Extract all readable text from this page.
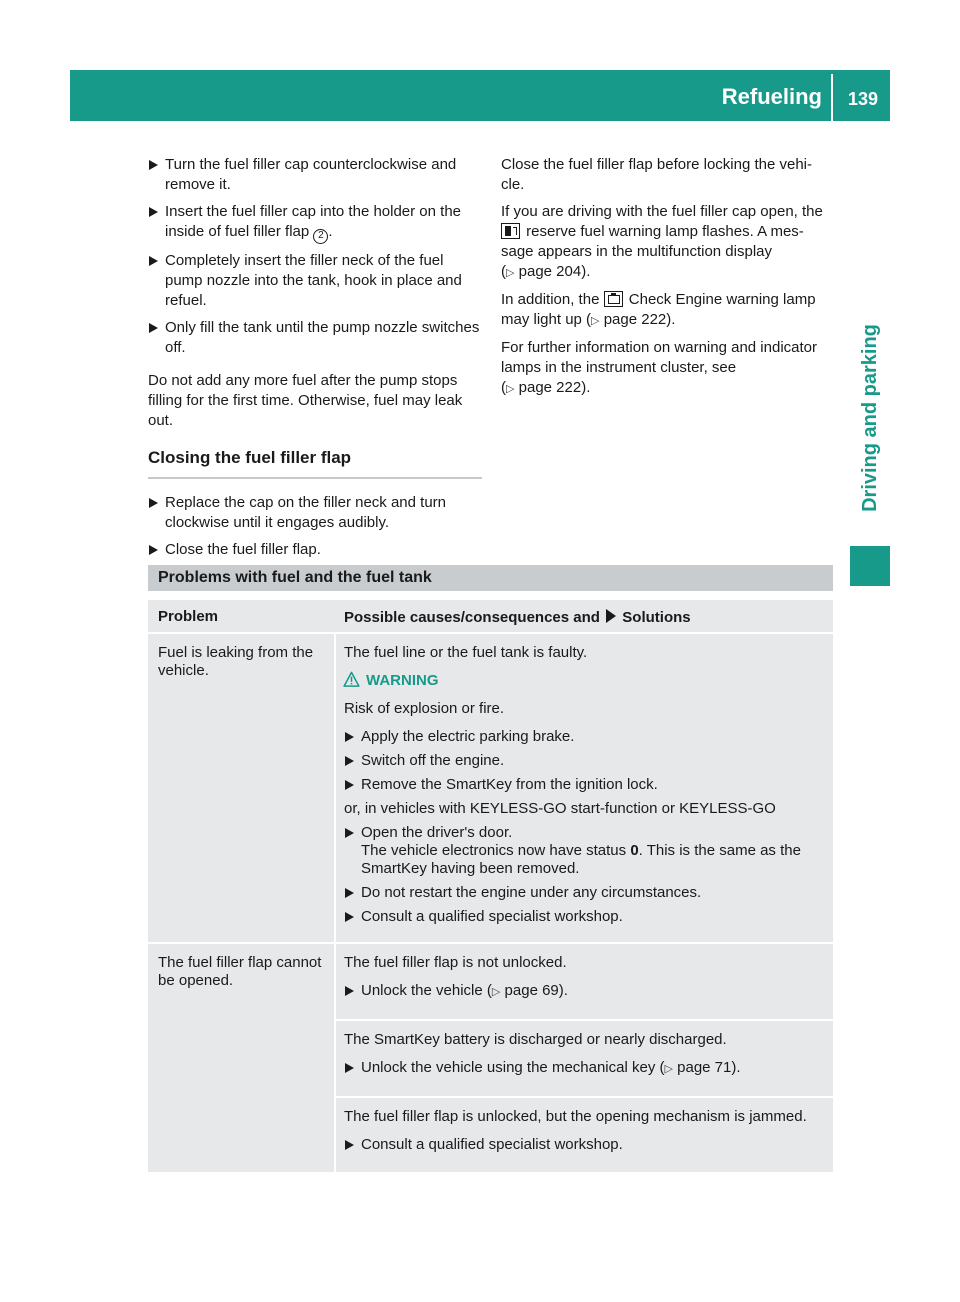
Refueling 139
Driving and parking
Turn the fuel filler cap counterclockwise and remove it.
Insert the fuel filler cap into the holder on the inside of fuel filler flap 2 .
Completely insert the filler neck of the fuel pump nozzle into the tank, hook in place and refuel.
Only fill the tank until the pump nozzle switches off.
Do not add any more fuel after the pump stops filling for the first time. Otherwise, fuel may leak out.
Closing the fuel filler flap
Replace the cap on the filler neck and turn clockwise until it engages audibly.
Close the fuel filler flap.
Close the fuel filler flap before locking the vehi-cle.
If you are driving with the fuel filler cap open, the  reserve fuel warning lamp flashes. A mes-sage appears in the multifunction display
(▷ page 204).
In addition, the Check Engine warning lamp may light up (▷ page 222).
For further information on warning and indicator lamps in the instrument cluster, see
(▷ page 222).
Problems with fuel and the fuel tank
Problem	Possible causes/consequences and Solutions
Fuel is leaking from the vehicle.
The fuel line or the fuel tank is faulty.
WARNING
Risk of explosion or fire.
Apply the electric parking brake.
Switch off the engine.
Remove the SmartKey from the ignition lock.
or, in vehicles with KEYLESS-GO start-function or KEYLESS-GO
Open the driver's door.
The vehicle electronics now have status 0. This is the same as the SmartKey having been removed.
Do not restart the engine under any circumstances.
Consult a qualified specialist workshop.
The fuel filler flap cannot be opened.
The fuel filler flap is not unlocked.
Unlock the vehicle (▷ page 69).
The SmartKey battery is discharged or nearly discharged.
Unlock the vehicle using the mechanical key (▷ page 71).
The fuel filler flap is unlocked, but the opening mechanism is jammed.
Consult a qualified specialist workshop.
